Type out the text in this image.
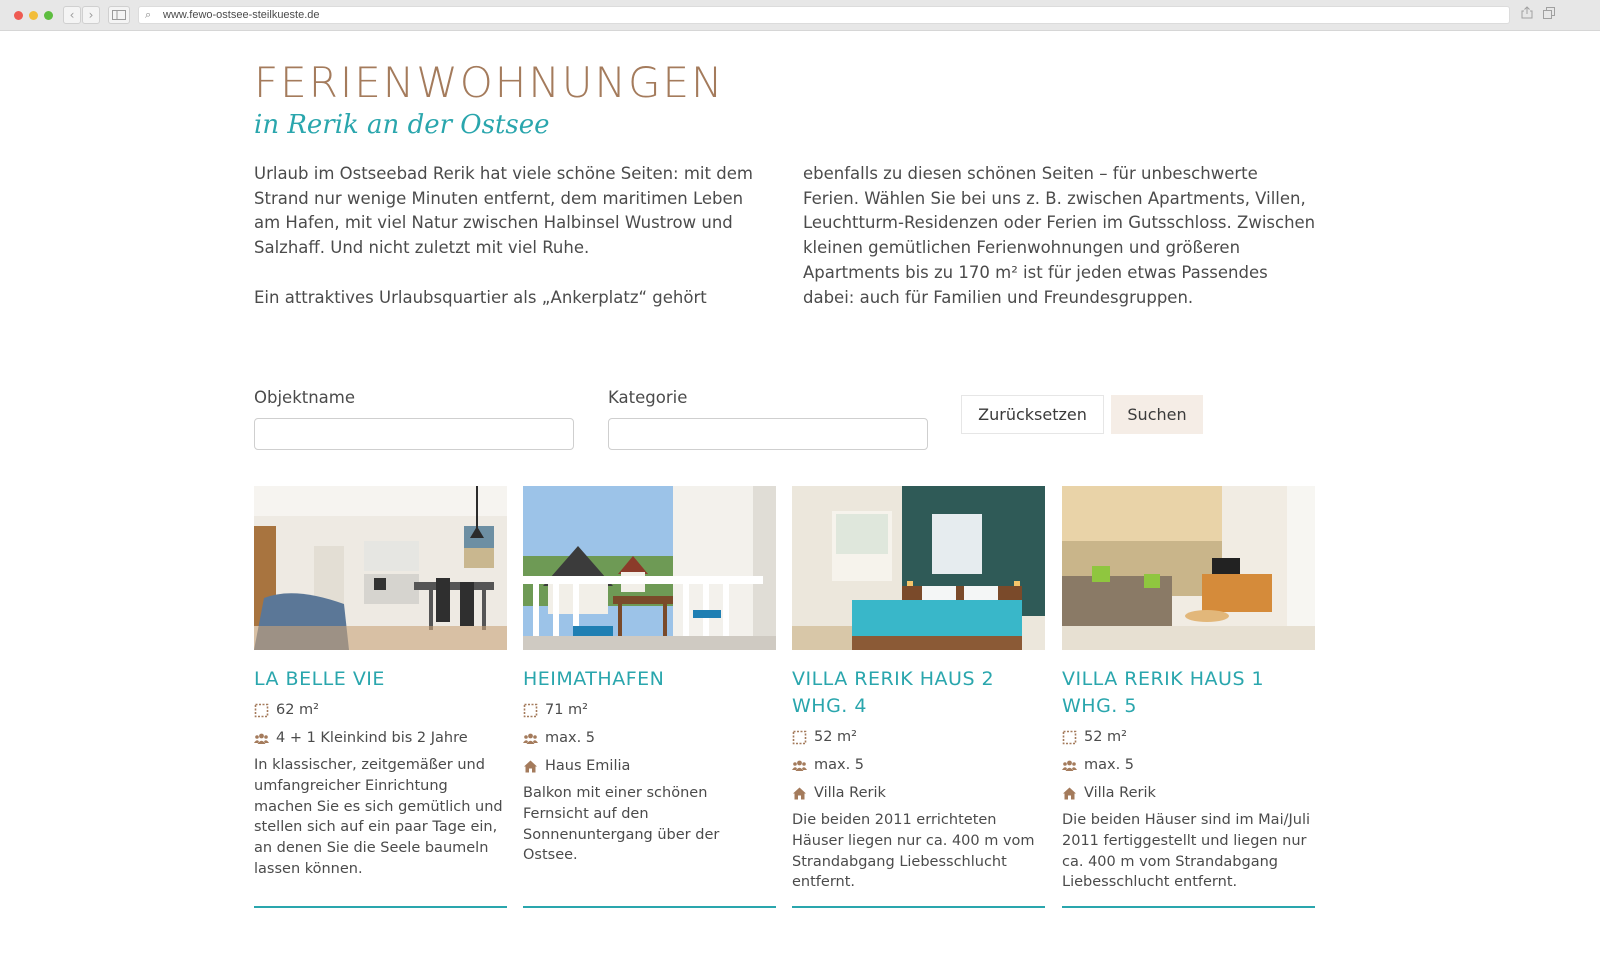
‹	›	⌕ www.fewo-ostsee-steilkueste.de
FERIENWOHNUNGEN
in Rerik an der Ostsee

Urlaub im Ostseebad Rerik hat viele schöne Seiten: mit dem Strand nur wenige Minuten entfernt, dem maritimen Leben am Hafen, mit viel Natur zwischen Halbinsel Wustrow und Salzhaff. Und nicht zuletzt mit viel Ruhe.

Ein attraktives Urlaubsquartier als „Ankerplatz“ gehört

ebenfalls zu diesen schönen Seiten – für unbeschwerte Ferien. Wählen Sie bei uns z. B. zwischen Apartments, Villen, Leuchtturm-Residenzen oder Ferien im Gutsschloss. Zwischen kleinen gemütlichen Ferienwohnungen und größeren Apartments bis zu 170 m² ist für jeden etwas Passendes dabei: auch für Familien und Freundesgruppen.

Objektname	Kategorie
Zurücksetzen	Suchen
LA BELLE VIE
62 m²
4 + 1 Kleinkind bis 2 Jahre
In klassischer, zeitgemäßer und umfangreicher Einrichtung machen Sie es sich gemütlich und stellen sich auf ein paar Tage ein, an denen Sie die Seele baumeln lassen können.
HEIMATHAFEN
71 m²
max. 5
Haus Emilia
Balkon mit einer schönen Fernsicht auf den Sonnenuntergang über der Ostsee.
VILLA RERIK HAUS 2 WHG. 4
52 m²
max. 5
Villa Rerik
Die beiden 2011 errichteten Häuser liegen nur ca. 400 m vom Strandabgang Liebesschlucht entfernt.
VILLA RERIK HAUS 1 WHG. 5
52 m²
max. 5
Villa Rerik
Die beiden Häuser sind im Mai/Juli 2011 fertiggestellt und liegen nur ca. 400 m vom Strandabgang Liebesschlucht entfernt.
